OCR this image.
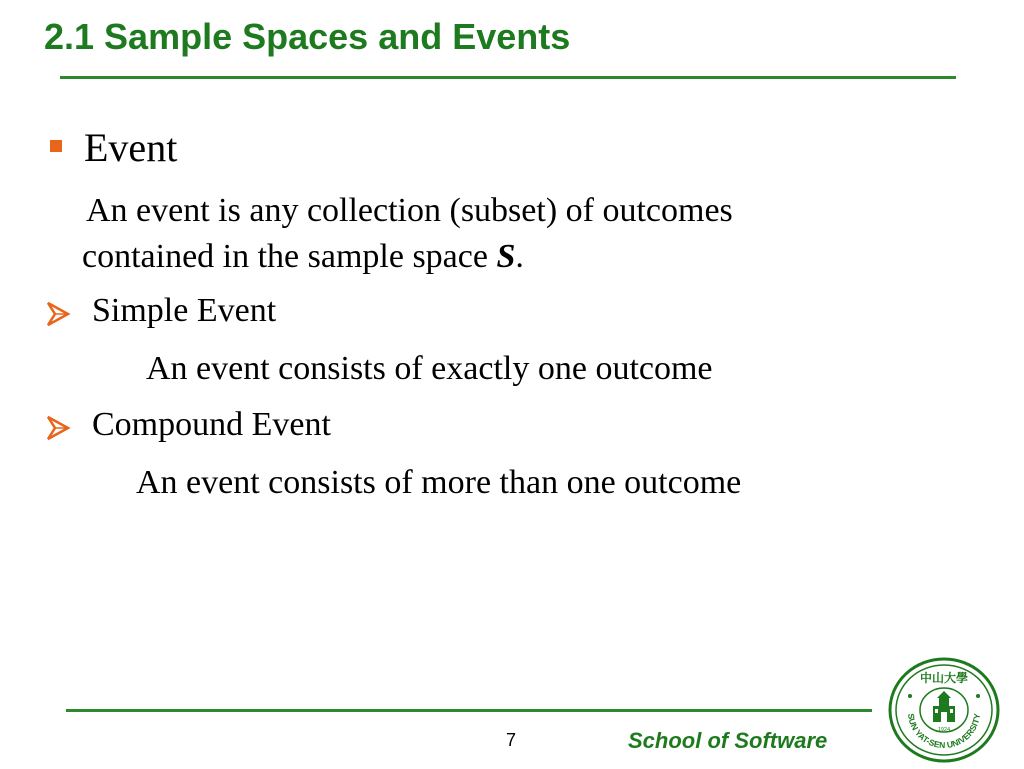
2.1 Sample Spaces and Events
Event
An event is any collection (subset) of outcomes
contained in the sample space S.
Simple Event
An event consists of exactly one outcome
Compound Event
An event consists of more than one outcome
7	School of Software
中山大學
SUN YAT-SEN UNIVERSITY
1924
